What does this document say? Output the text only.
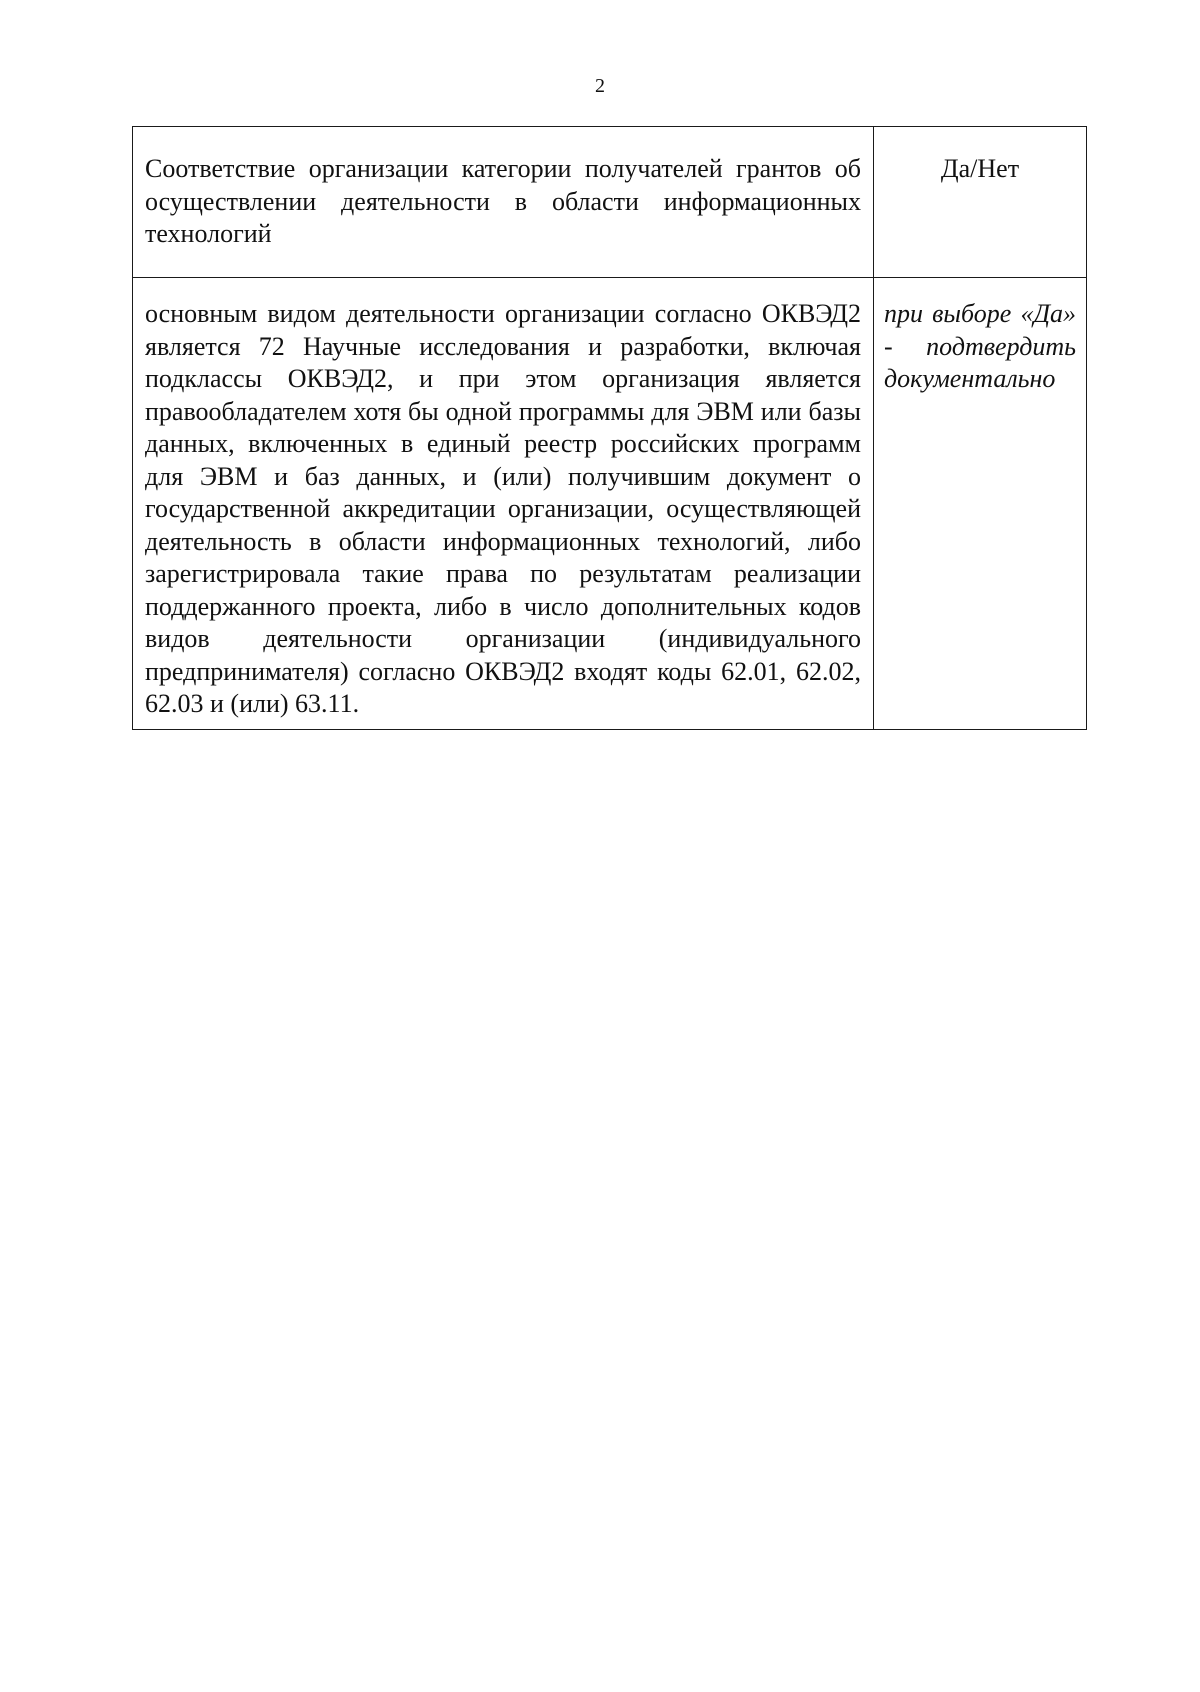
2
Соответствие организации категории получателей грантов об осуществлении деятельности в области информационных технологий	Да/Нет
основным видом деятельности организации согласно ОКВЭД2 является 72 Научные исследования и разработки, включая подклассы ОКВЭД2, и при этом организация является правообладателем хотя бы одной программы для ЭВМ или базы данных, включенных в единый реестр российских программ для ЭВМ и баз данных, и (или) получившим документ о государственной аккредитации организации, осуществляющей деятельность в области информационных технологий, либо зарегистрировала такие права по результатам реализации поддержанного проекта, либо в число дополнительных кодов видов деятельности организации (индивидуального предпринимателя) согласно ОКВЭД2 входят коды 62.01, 62.02, 62.03 и (или) 63.11.	при выборе «Да» - подтвердить документально
